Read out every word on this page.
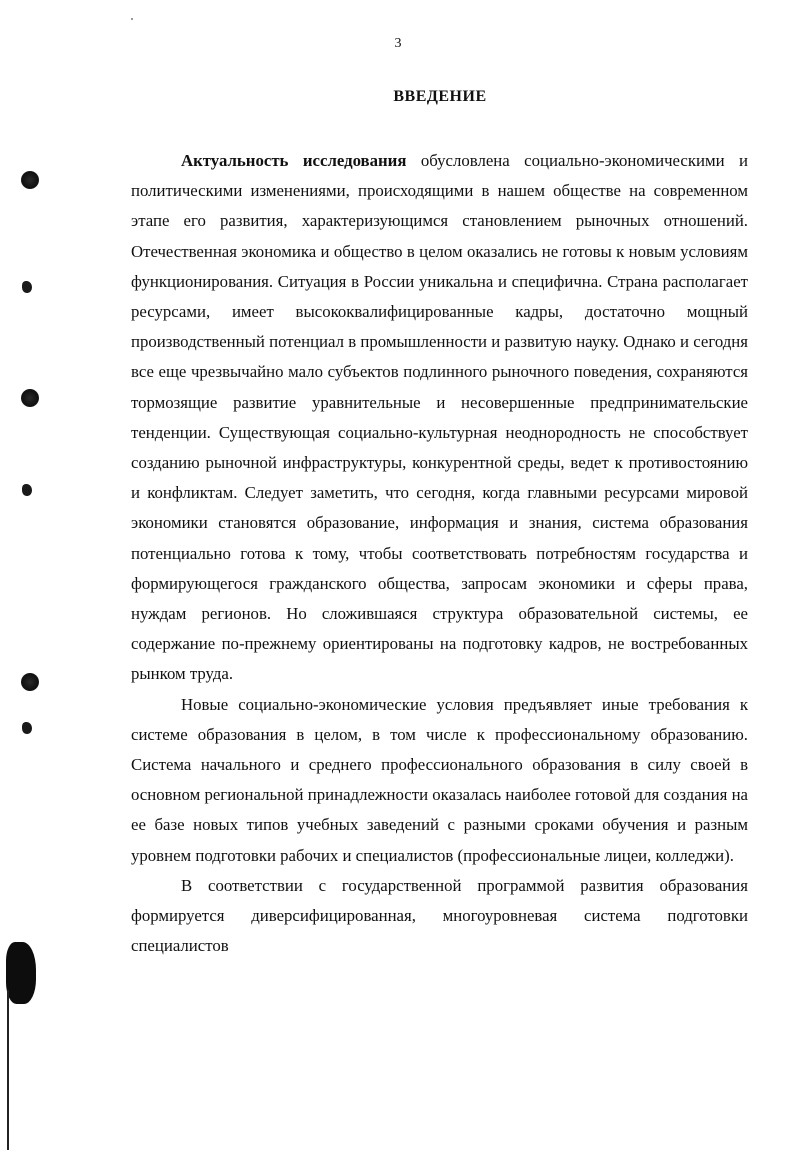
3
ВВЕДЕНИЕ

Актуальность исследования обусловлена социально-экономическими и политическими изменениями, происходящими в нашем обществе на современном этапе его развития, характеризующимся становлением рыночных отношений. Отечественная экономика и общество в целом оказались не готовы к новым условиям функционирования. Ситуация в России уникальна и специфична. Страна располагает ресурсами, имеет высококвалифицированные кадры, достаточно мощный производственный потенциал в промышленности и развитую науку. Однако и сегодня все еще чрезвычайно мало субъектов подлинного рыночного поведения, сохраняются тормозящие развитие уравнительные и несовершенные предпринимательские тенденции. Существующая социально-культурная неоднородность не способствует созданию рыночной инфраструктуры, конкурентной среды, ведет к противостоянию и конфликтам. Следует заметить, что сегодня, когда главными ресурсами мировой экономики становятся образование, информация и знания, система образования потенциально готова к тому, чтобы соответствовать потребностям государства и формирующегося гражданского общества, запросам экономики и сферы права, нуждам регионов. Но сложившаяся структура образовательной системы, ее содержание по-прежнему ориентированы на подготовку кадров, не востребованных рынком труда.

Новые социально-экономические условия предъявляет иные требования к системе образования в целом, в том числе к профессиональному образованию. Система начального и среднего профессионального образования в силу своей в основном региональной принадлежности оказалась наиболее готовой для создания на ее базе новых типов учебных заведений с разными сроками обучения и разным уровнем подготовки рабочих и специалистов (профессиональные лицеи, колледжи).

В соответствии с государственной программой развития образования формируется диверсифицированная, многоуровневая система подготовки специалистов
